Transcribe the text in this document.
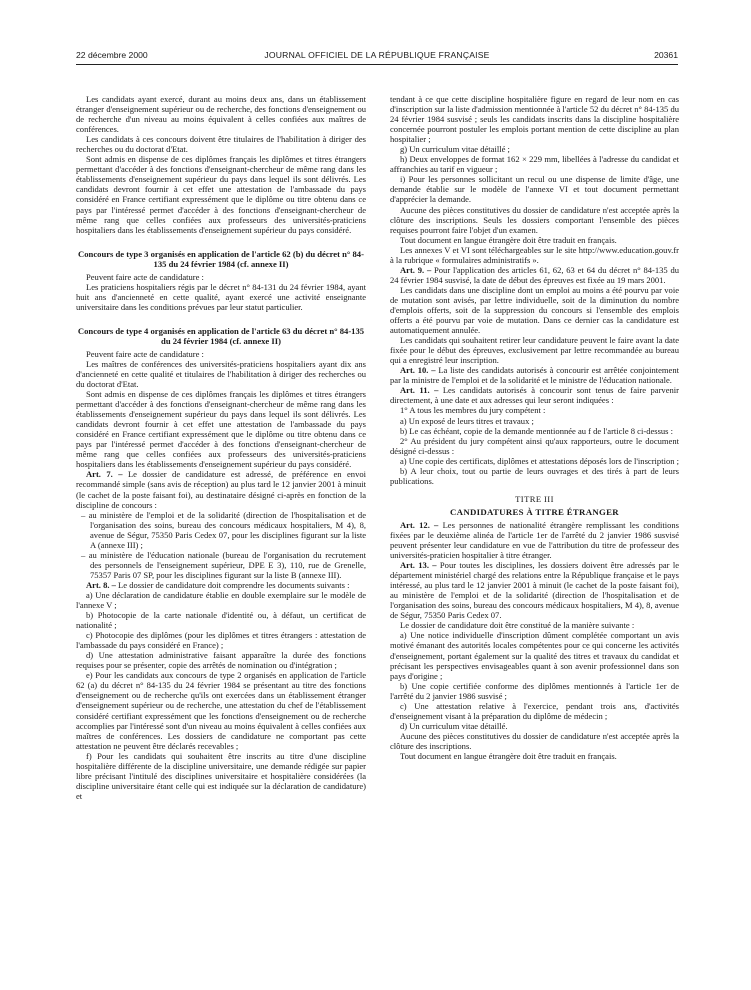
22 décembre 2000	JOURNAL OFFICIEL DE LA RÉPUBLIQUE FRANÇAISE	20361

Les candidats ayant exercé, durant au moins deux ans, dans un établissement étranger d'enseignement supérieur ou de recherche, des fonctions d'enseignement ou de recherche d'un niveau au moins équivalent à celles confiées aux maîtres de conférences.

Les candidats à ces concours doivent être titulaires de l'habilitation à diriger des recherches ou du doctorat d'Etat.

Sont admis en dispense de ces diplômes français les diplômes et titres étrangers permettant d'accéder à des fonctions d'enseignant-chercheur de même rang dans les établissements d'enseignement supérieur du pays dans lequel ils sont délivrés. Les candidats devront fournir à cet effet une attestation de l'ambassade du pays considéré en France certifiant expressément que le diplôme ou titre obtenu dans ce pays par l'intéressé permet d'accéder à des fonctions d'enseignant-chercheur de même rang que celles confiées aux professeurs des universités-praticiens hospitaliers dans les établissements d'enseignement supérieur du pays considéré.

Concours de type 3 organisés en application de l'article 62 (b) du décret n° 84-135 du 24 février 1984 (cf. annexe II)

Peuvent faire acte de candidature :

Les praticiens hospitaliers régis par le décret n° 84-131 du 24 février 1984, ayant huit ans d'ancienneté en cette qualité, ayant exercé une activité enseignante universitaire dans les conditions prévues par leur statut particulier.

Concours de type 4 organisés en application de l'article 63 du décret n° 84-135 du 24 février 1984 (cf. annexe II)

Peuvent faire acte de candidature :

Les maîtres de conférences des universités-praticiens hospitaliers ayant dix ans d'ancienneté en cette qualité et titulaires de l'habilitation à diriger des recherches ou du doctorat d'Etat.

Sont admis en dispense de ces diplômes français les diplômes et titres étrangers permettant d'accéder à des fonctions d'enseignant-chercheur de même rang dans les établissements d'enseignement supérieur du pays dans lequel ils sont délivrés. Les candidats devront fournir à cet effet une attestation de l'ambassade du pays considéré en France certifiant expressément que le diplôme ou titre obtenu dans ce pays par l'intéressé permet d'accéder à des fonctions d'enseignant-chercheur de même rang que celles confiées aux professeurs des universités-praticiens hospitaliers dans les établissements d'enseignement supérieur du pays considéré.

Art. 7. – Le dossier de candidature est adressé, de préférence en envoi recommandé simple (sans avis de réception) au plus tard le 12 janvier 2001 à minuit (le cachet de la poste faisant foi), au destinataire désigné ci-après en fonction de la discipline de concours :

– au ministère de l'emploi et de la solidarité (direction de l'hospitalisation et de l'organisation des soins, bureau des concours médicaux hospitaliers, M 4), 8, avenue de Ségur, 75350 Paris Cedex 07, pour les disciplines figurant sur la liste A (annexe III) ;

– au ministère de l'éducation nationale (bureau de l'organisation du recrutement des personnels de l'enseignement supérieur, DPE E 3), 110, rue de Grenelle, 75357 Paris 07 SP, pour les disciplines figurant sur la liste B (annexe III).

Art. 8. – Le dossier de candidature doit comprendre les documents suivants :

a) Une déclaration de candidature établie en double exemplaire sur le modèle de l'annexe V ;

b) Photocopie de la carte nationale d'identité ou, à défaut, un certificat de nationalité ;

c) Photocopie des diplômes (pour les diplômes et titres étrangers : attestation de l'ambassade du pays considéré en France) ;

d) Une attestation administrative faisant apparaître la durée des fonctions requises pour se présenter, copie des arrêtés de nomination ou d'intégration ;

e) Pour les candidats aux concours de type 2 organisés en application de l'article 62 (a) du décret n° 84-135 du 24 février 1984 se présentant au titre des fonctions d'enseignement ou de recherche qu'ils ont exercées dans un établissement étranger d'enseignement supérieur ou de recherche, une attestation du chef de l'établissement considéré certifiant expressément que les fonctions d'enseignement ou de recherche accomplies par l'intéressé sont d'un niveau au moins équivalent à celles confiées aux maîtres de conférences. Les dossiers de candidature ne comportant pas cette attestation ne peuvent être déclarés recevables ;

f) Pour les candidats qui souhaitent être inscrits au titre d'une discipline hospitalière différente de la discipline universitaire, une demande rédigée sur papier libre précisant l'intitulé des disciplines universitaire et hospitalière considérées (la discipline universitaire étant celle qui est indiquée sur la déclaration de candidature) et

tendant à ce que cette discipline hospitalière figure en regard de leur nom en cas d'inscription sur la liste d'admission mentionnée à l'article 52 du décret n° 84-135 du 24 février 1984 susvisé ; seuls les candidats inscrits dans la discipline hospitalière concernée pourront postuler les emplois portant mention de cette discipline au plan hospitalier ;

g) Un curriculum vitae détaillé ;

h) Deux enveloppes de format 162 × 229 mm, libellées à l'adresse du candidat et affranchies au tarif en vigueur ;

i) Pour les personnes sollicitant un recul ou une dispense de limite d'âge, une demande établie sur le modèle de l'annexe VI et tout document permettant d'apprécier la demande.

Aucune des pièces constitutives du dossier de candidature n'est acceptée après la clôture des inscriptions. Seuls les dossiers comportant l'ensemble des pièces requises pourront faire l'objet d'un examen.

Tout document en langue étrangère doit être traduit en français.

Les annexes V et VI sont téléchargeables sur le site http://www.education.gouv.fr à la rubrique « formulaires administratifs ».

Art. 9. – Pour l'application des articles 61, 62, 63 et 64 du décret n° 84-135 du 24 février 1984 susvisé, la date de début des épreuves est fixée au 19 mars 2001.

Les candidats dans une discipline dont un emploi au moins a été pourvu par voie de mutation sont avisés, par lettre individuelle, soit de la diminution du nombre d'emplois offerts, soit de la suppression du concours si l'ensemble des emplois offerts a été pourvu par voie de mutation. Dans ce dernier cas la candidature est automatiquement annulée.

Les candidats qui souhaitent retirer leur candidature peuvent le faire avant la date fixée pour le début des épreuves, exclusivement par lettre recommandée au bureau qui a enregistré leur inscription.

Art. 10. – La liste des candidats autorisés à concourir est arrêtée conjointement par la ministre de l'emploi et de la solidarité et le ministre de l'éducation nationale.

Art. 11. – Les candidats autorisés à concourir sont tenus de faire parvenir directement, à une date et aux adresses qui leur seront indiquées :

1° A tous les membres du jury compétent :

a) Un exposé de leurs titres et travaux ;

b) Le cas échéant, copie de la demande mentionnée au f de l'article 8 ci-dessus :

2° Au président du jury compétent ainsi qu'aux rapporteurs, outre le document désigné ci-dessus :

a) Une copie des certificats, diplômes et attestations déposés lors de l'inscription ;

b) A leur choix, tout ou partie de leurs ouvrages et des tirés à part de leurs publications.

TITRE III
CANDIDATURES À TITRE ÉTRANGER

Art. 12. – Les personnes de nationalité étrangère remplissant les conditions fixées par le deuxième alinéa de l'article 1er de l'arrêté du 2 janvier 1986 susvisé peuvent présenter leur candidature en vue de l'attribution du titre de professeur des universités-praticien hospitalier à titre étranger.

Art. 13. – Pour toutes les disciplines, les dossiers doivent être adressés par le département ministériel chargé des relations entre la République française et le pays intéressé, au plus tard le 12 janvier 2001 à minuit (le cachet de la poste faisant foi), au ministère de l'emploi et de la solidarité (direction de l'hospitalisation et de l'organisation des soins, bureau des concours médicaux hospitaliers, M 4), 8, avenue de Ségur, 75350 Paris Cedex 07.

Le dossier de candidature doit être constitué de la manière suivante :

a) Une notice individuelle d'inscription dûment complétée comportant un avis motivé émanant des autorités locales compétentes pour ce qui concerne les activités d'enseignement, portant également sur la qualité des titres et travaux du candidat et précisant les perspectives envisageables quant à son avenir professionnel dans son pays d'origine ;

b) Une copie certifiée conforme des diplômes mentionnés à l'article 1er de l'arrêté du 2 janvier 1986 susvisé ;

c) Une attestation relative à l'exercice, pendant trois ans, d'activités d'enseignement visant à la préparation du diplôme de médecin ;

d) Un curriculum vitae détaillé.

Aucune des pièces constitutives du dossier de candidature n'est acceptée après la clôture des inscriptions.

Tout document en langue étrangère doit être traduit en français.
